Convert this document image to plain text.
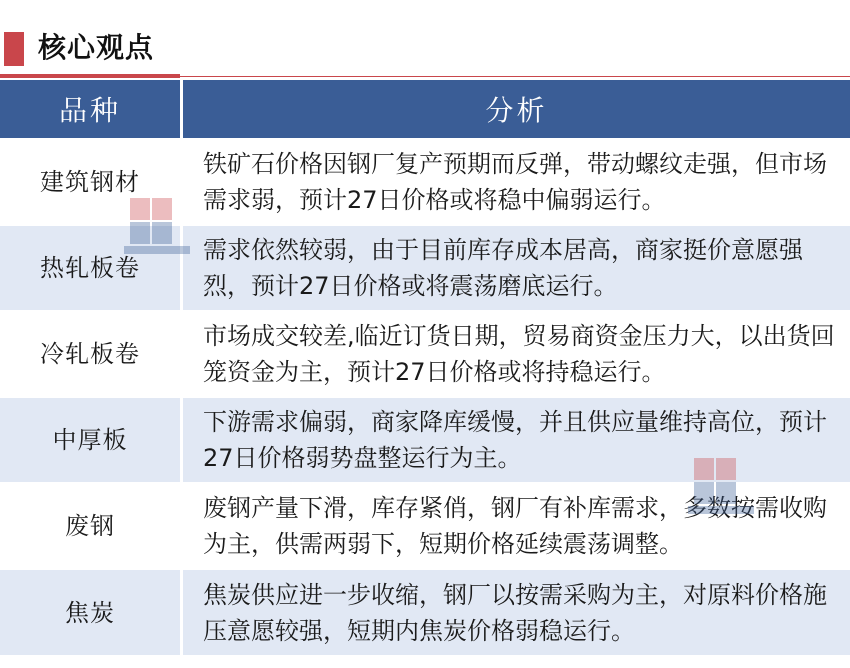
核心观点
品种	分析
建筑钢材	铁矿石价格因钢厂复产预期而反弹，带动螺纹走强，但市场需求弱，预计27日价格或将稳中偏弱运行。
热轧板卷	需求依然较弱，由于目前库存成本居高，商家挺价意愿强烈，预计27日价格或将震荡磨底运行。
冷轧板卷	市场成交较差,临近订货日期，贸易商资金压力大，以出货回笼资金为主，预计27日价格或将持稳运行。
中厚板	下游需求偏弱，商家降库缓慢，并且供应量维持高位，预计27日价格弱势盘整运行为主。
废钢	废钢产量下滑，库存紧俏，钢厂有补库需求，多数按需收购为主，供需两弱下，短期价格延续震荡调整。
焦炭	焦炭供应进一步收缩，钢厂以按需采购为主，对原料价格施压意愿较强，短期内焦炭价格弱稳运行。
